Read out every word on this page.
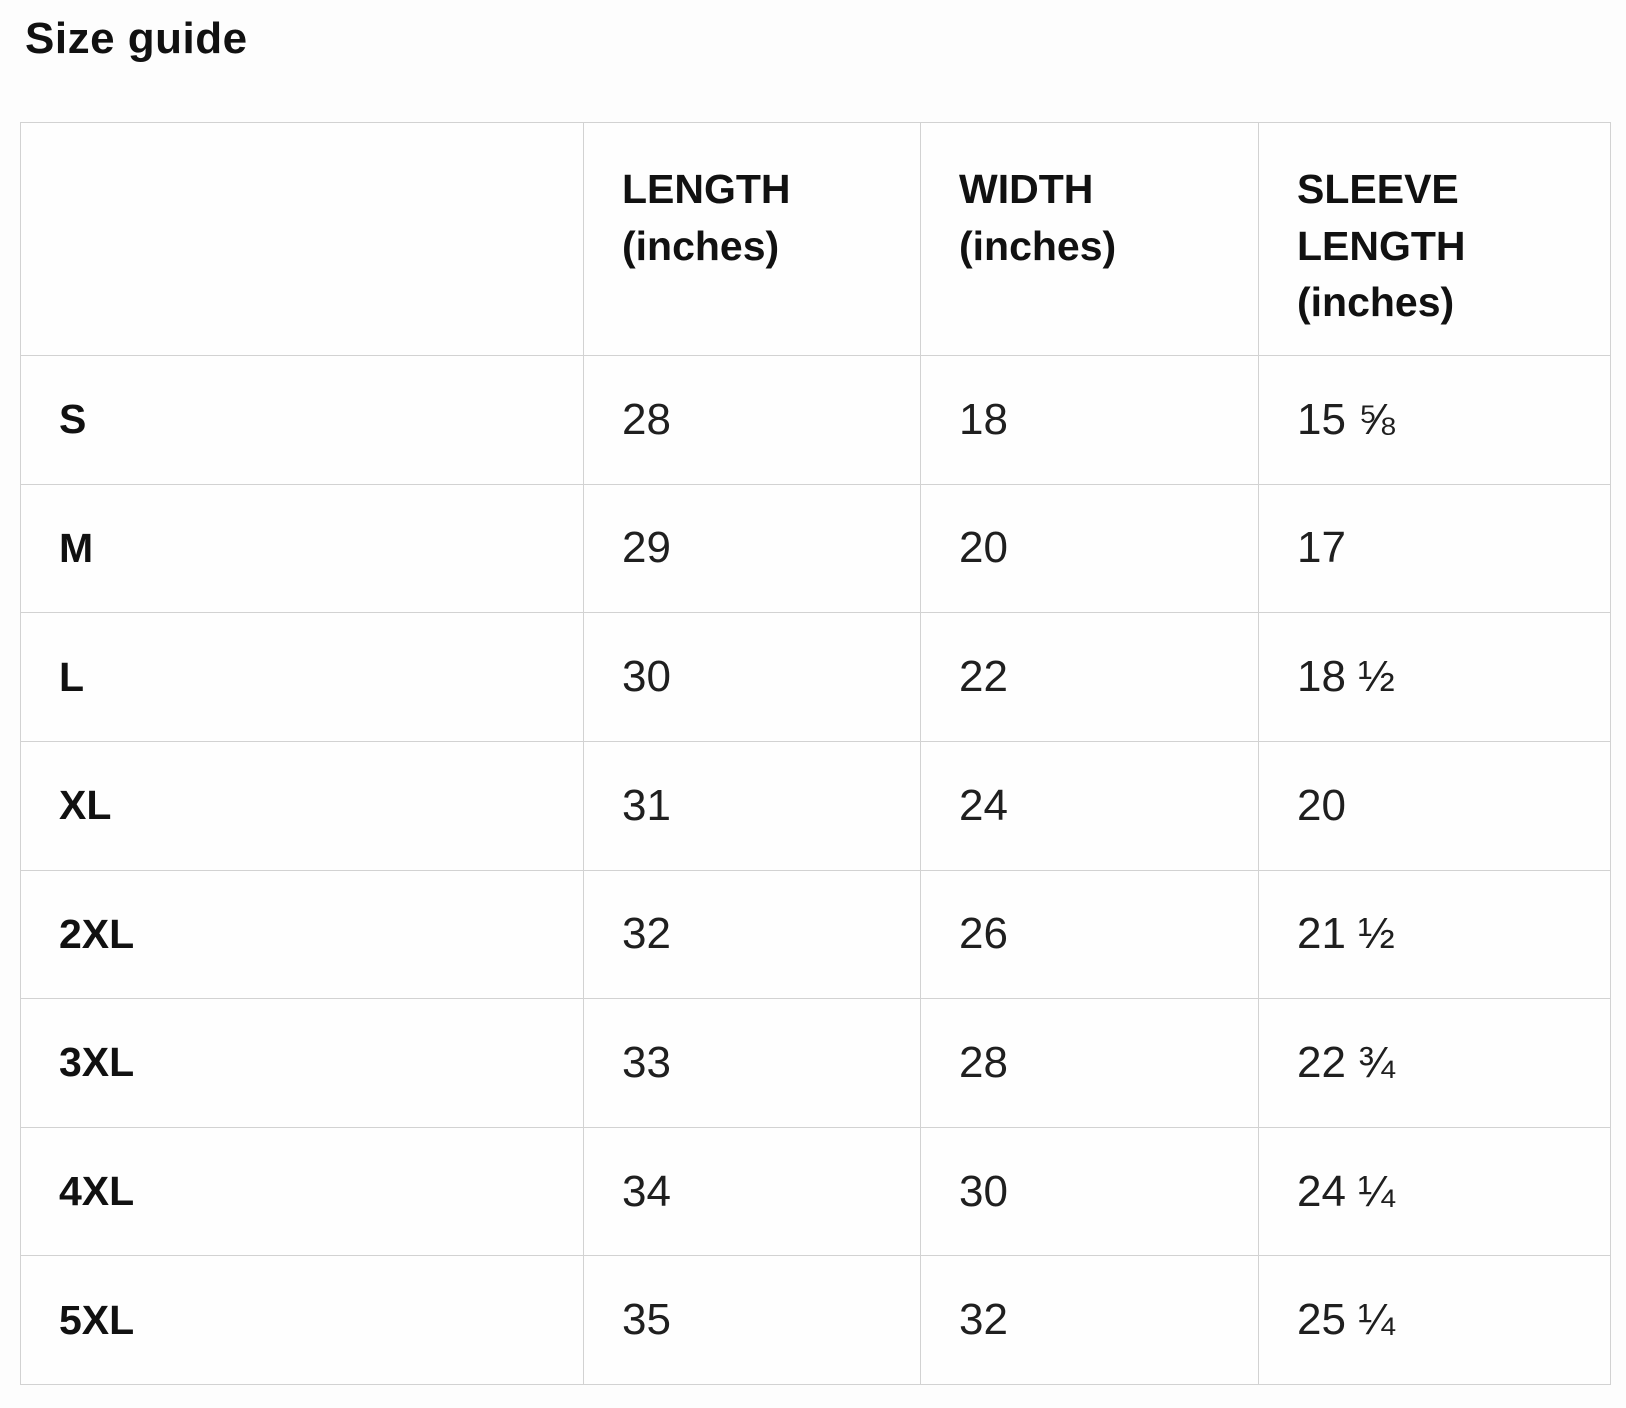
Size guide
	LENGTH (inches)	WIDTH (inches)	SLEEVE LENGTH (inches)
S	28	18	15 ⅝
M	29	20	17
L	30	22	18 ½
XL	31	24	20
2XL	32	26	21 ½
3XL	33	28	22 ¾
4XL	34	30	24 ¼
5XL	35	32	25 ¼
